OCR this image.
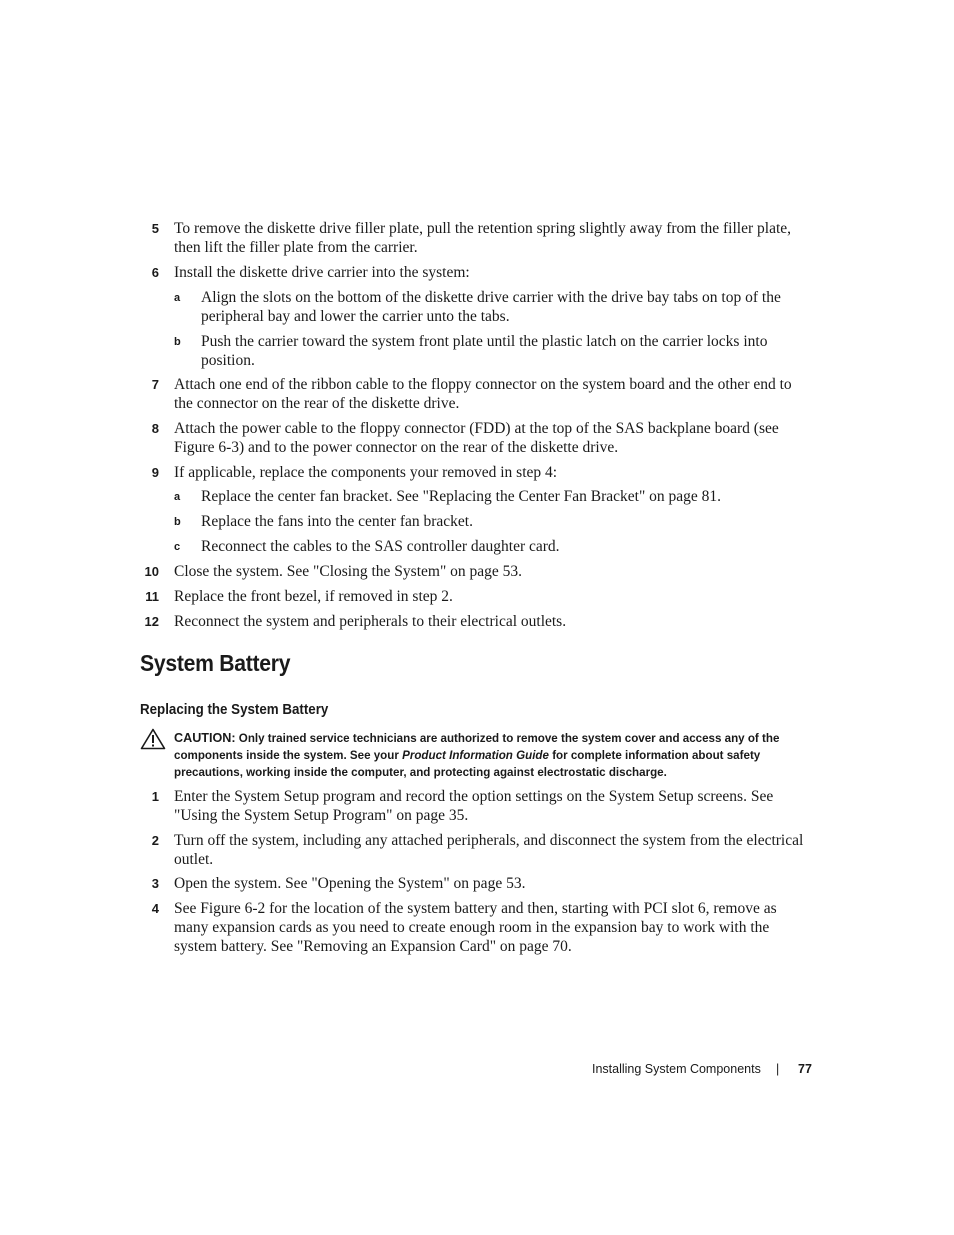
5 To remove the diskette drive filler plate, pull the retention spring slightly away from the filler plate, then lift the filler plate from the carrier.
6 Install the diskette drive carrier into the system:
a Align the slots on the bottom of the diskette drive carrier with the drive bay tabs on top of the peripheral bay and lower the carrier unto the tabs.
b Push the carrier toward the system front plate until the plastic latch on the carrier locks into position.
7 Attach one end of the ribbon cable to the floppy connector on the system board and the other end to the connector on the rear of the diskette drive.
8 Attach the power cable to the floppy connector (FDD) at the top of the SAS backplane board (see Figure 6-3) and to the power connector on the rear of the diskette drive.
9 If applicable, replace the components your removed in step 4:
a Replace the center fan bracket. See "Replacing the Center Fan Bracket" on page 81.
b Replace the fans into the center fan bracket.
c Reconnect the cables to the SAS controller daughter card.
10 Close the system. See "Closing the System" on page 53.
11 Replace the front bezel, if removed in step 2.
12 Reconnect the system and peripherals to their electrical outlets.
System Battery
Replacing the System Battery
CAUTION: Only trained service technicians are authorized to remove the system cover and access any of the components inside the system. See your Product Information Guide for complete information about safety precautions, working inside the computer, and protecting against electrostatic discharge.
1 Enter the System Setup program and record the option settings on the System Setup screens. See "Using the System Setup Program" on page 35.
2 Turn off the system, including any attached peripherals, and disconnect the system from the electrical outlet.
3 Open the system. See "Opening the System" on page 53.
4 See Figure 6-2 for the location of the system battery and then, starting with PCI slot 6, remove as many expansion cards as you need to create enough room in the expansion bay to work with the system battery. See "Removing an Expansion Card" on page 70.
Installing System Components | 77
